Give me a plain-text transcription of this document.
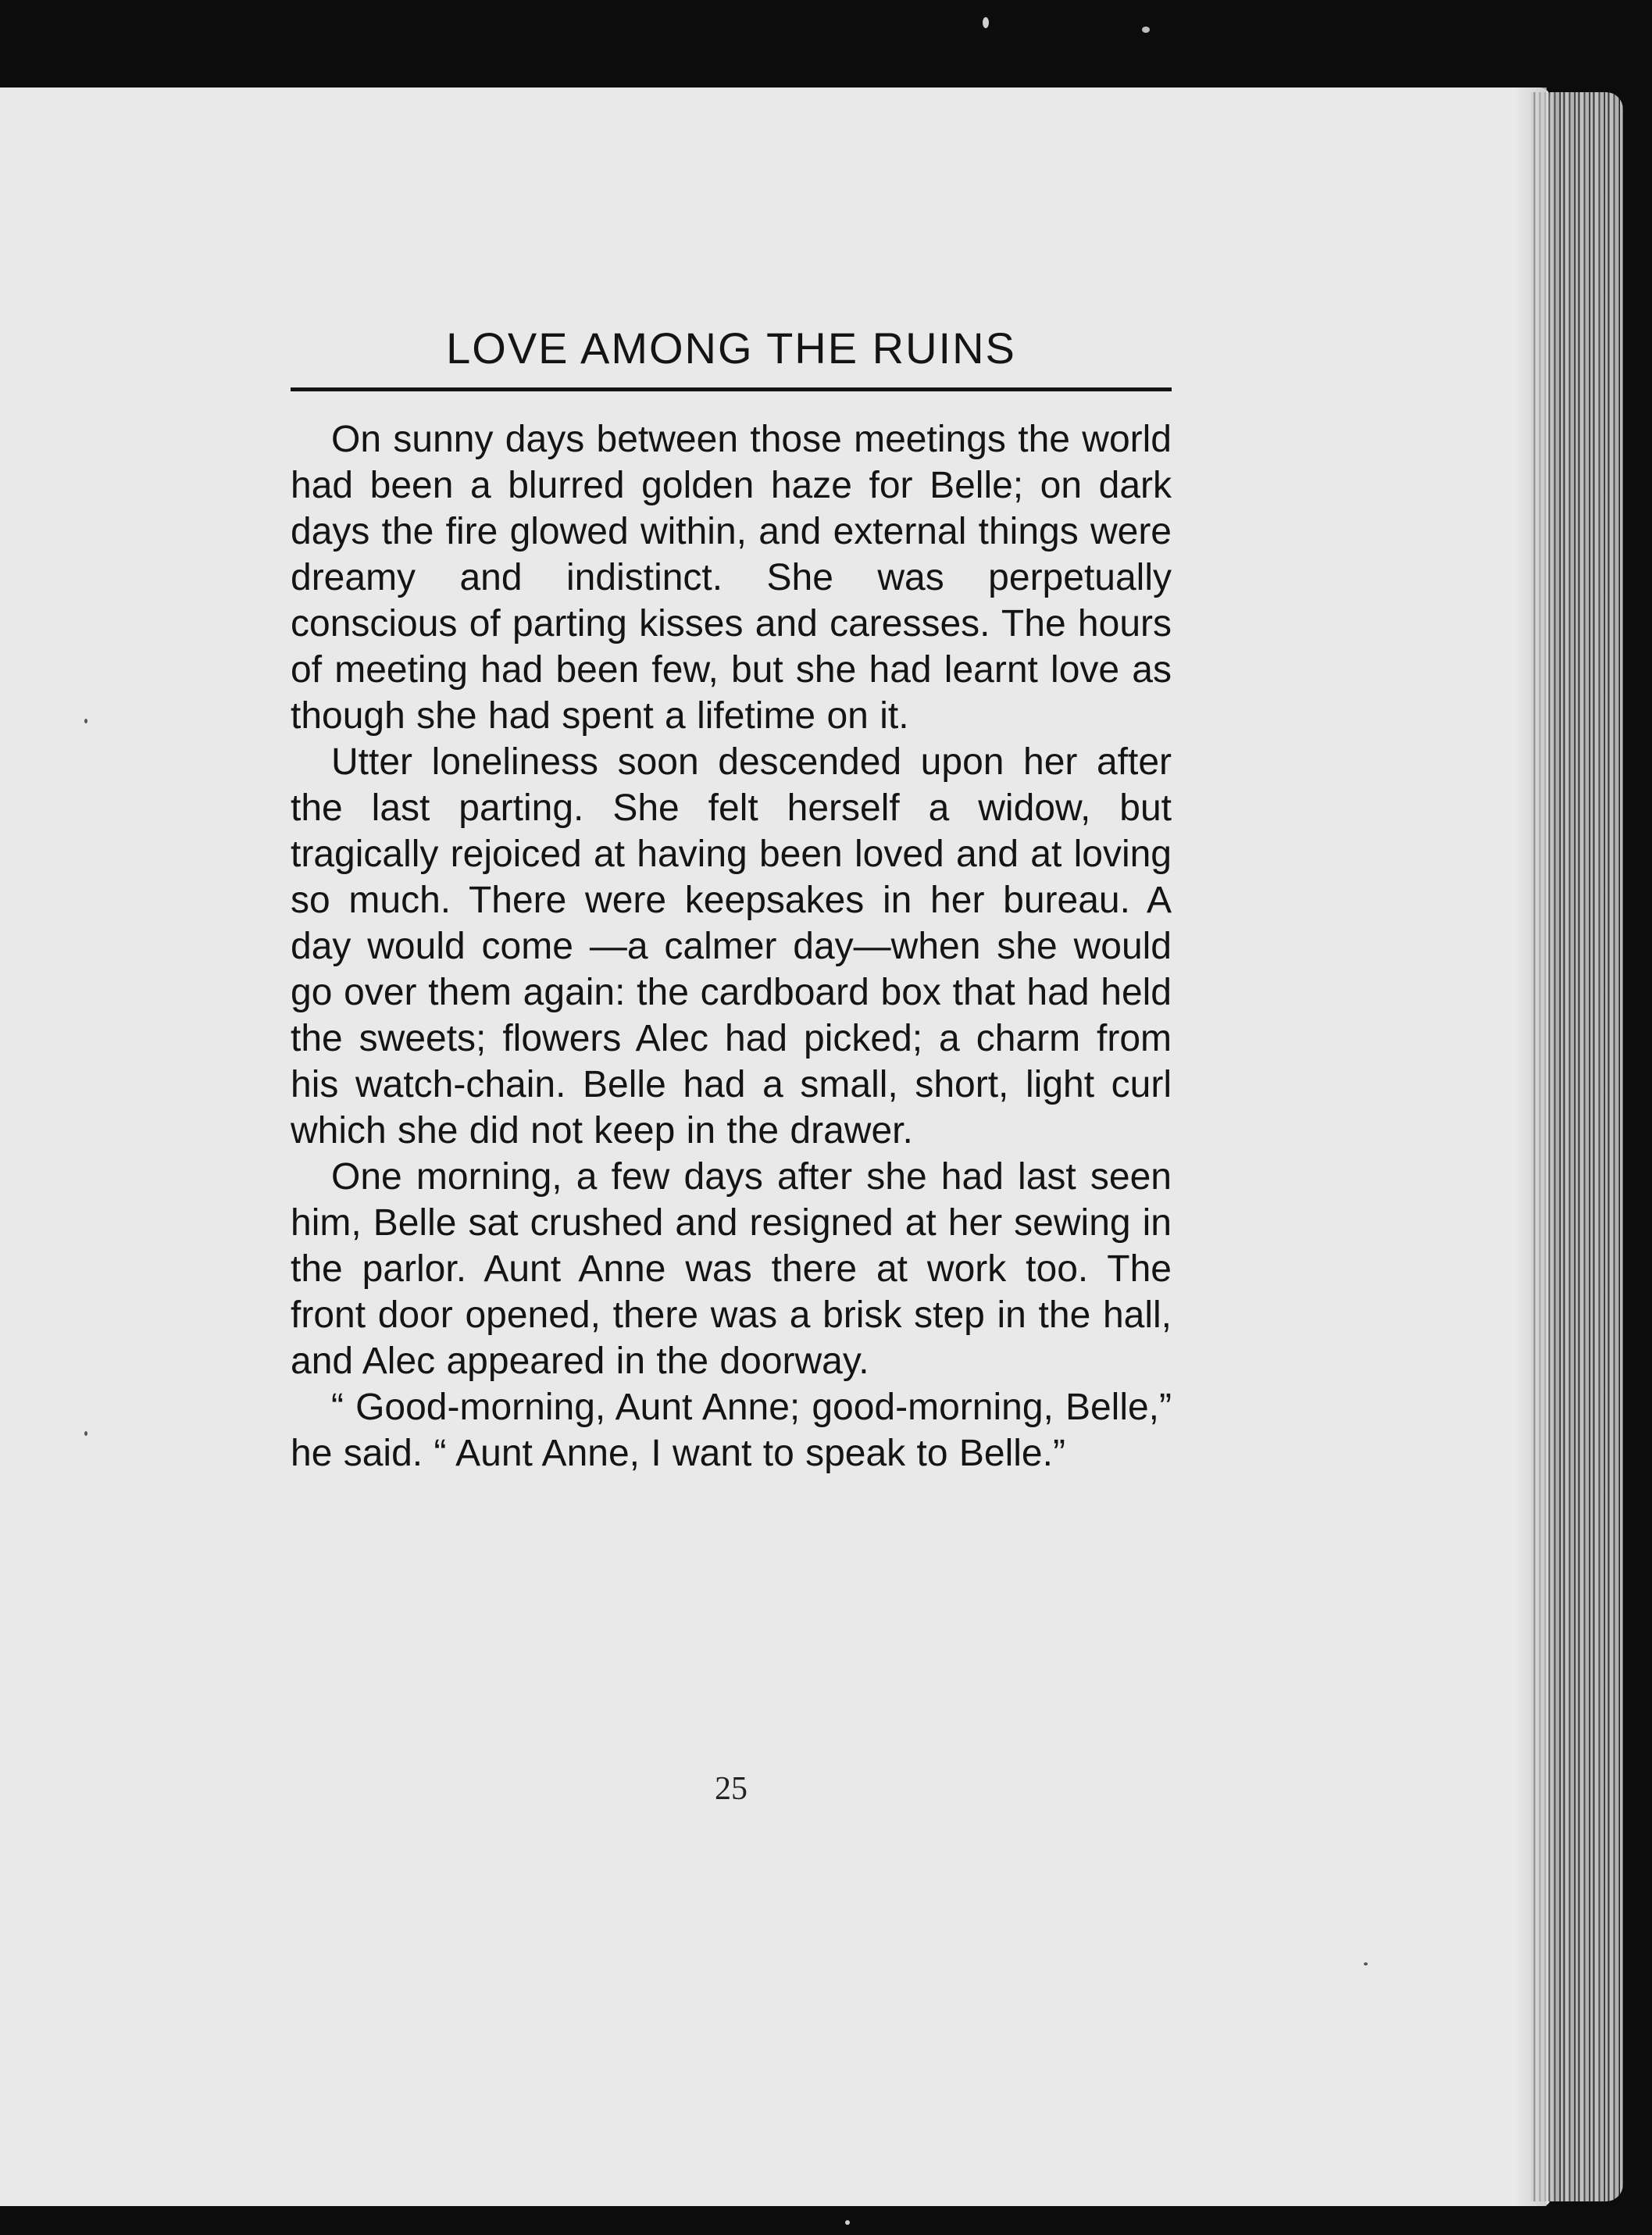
LOVE AMONG THE RUINS

On sunny days between those meetings the world had been a blurred golden haze for Belle; on dark days the fire glowed within, and external things were dreamy and indistinct. She was perpetually conscious of parting kisses and caresses. The hours of meeting had been few, but she had learnt love as though she had spent a lifetime on it.

Utter loneliness soon descended upon her after the last parting. She felt herself a widow, but tragically rejoiced at having been loved and at loving so much. There were keepsakes in her bureau. A day would come —a calmer day—when she would go over them again: the cardboard box that had held the sweets; flowers Alec had picked; a charm from his watch-chain. Belle had a small, short, light curl which she did not keep in the drawer.

One morning, a few days after she had last seen him, Belle sat crushed and resigned at her sewing in the parlor. Aunt Anne was there at work too. The front door opened, there was a brisk step in the hall, and Alec appeared in the doorway.

“ Good-morning, Aunt Anne; good-morning, Belle,” he said. “ Aunt Anne, I want to speak to Belle.”

25
